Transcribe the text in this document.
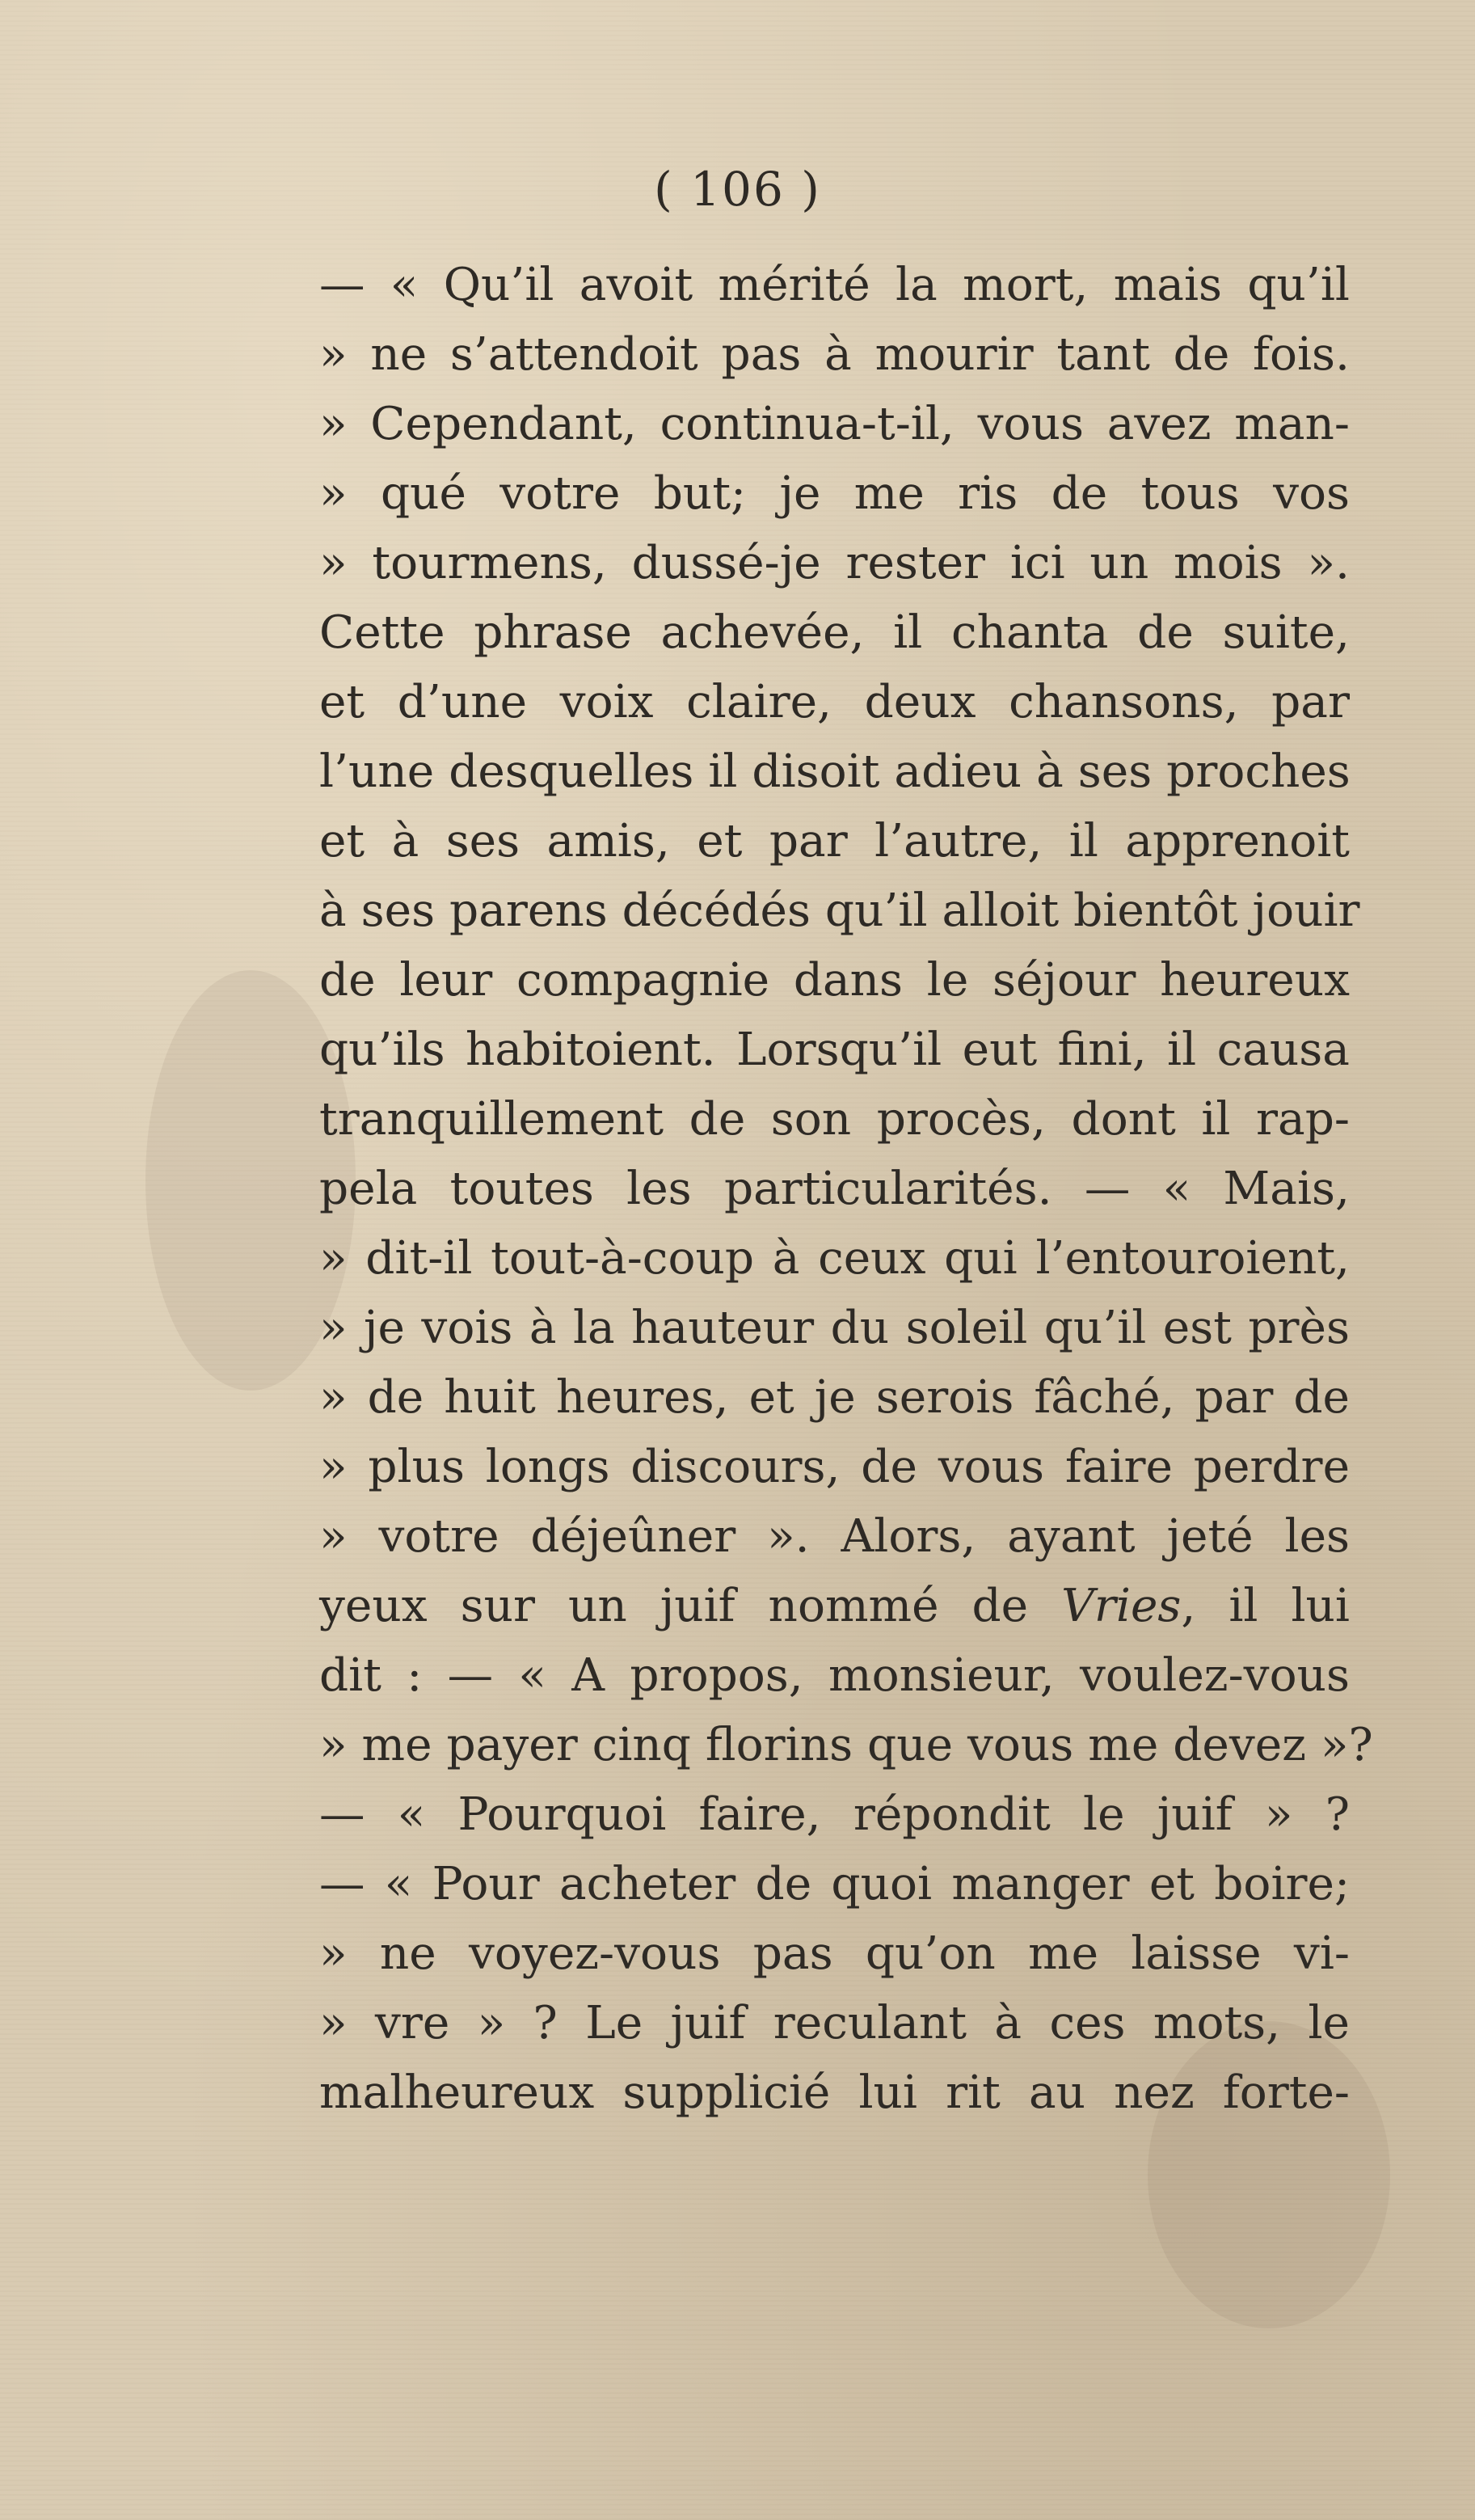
( 106 )
— « Qu’il avoit mérité la mort, mais qu’il
» ne s’attendoit pas à mourir tant de fois.
» Cependant, continua-t-il, vous avez man-
» qué votre but; je me ris de tous vos
» tourmens, dussé-je rester ici un mois ».
Cette phrase achevée, il chanta de suite,
et d’une voix claire, deux chansons, par
l’une desquelles il disoit adieu à ses proches
et à ses amis, et par l’autre, il apprenoit
à ses parens décédés qu’il alloit bientôt jouir
de leur compagnie dans le séjour heureux
qu’ils habitoient. Lorsqu’il eut fini, il causa
tranquillement de son procès, dont il rap-
pela toutes les particularités. — « Mais,
» dit-il tout-à-coup à ceux qui l’entouroient,
» je vois à la hauteur du soleil qu’il est près
» de huit heures, et je serois fâché, par de
» plus longs discours, de vous faire perdre
» votre déjeûner ». Alors, ayant jeté les
yeux sur un juif nommé de Vries, il lui
dit : — « A propos, monsieur, voulez-vous
» me payer cinq florins que vous me devez »?
— « Pourquoi faire, répondit le juif » ?
— « Pour acheter de quoi manger et boire;
» ne voyez-vous pas qu’on me laisse vi-
» vre » ? Le juif reculant à ces mots, le
malheureux supplicié lui rit au nez forte-
